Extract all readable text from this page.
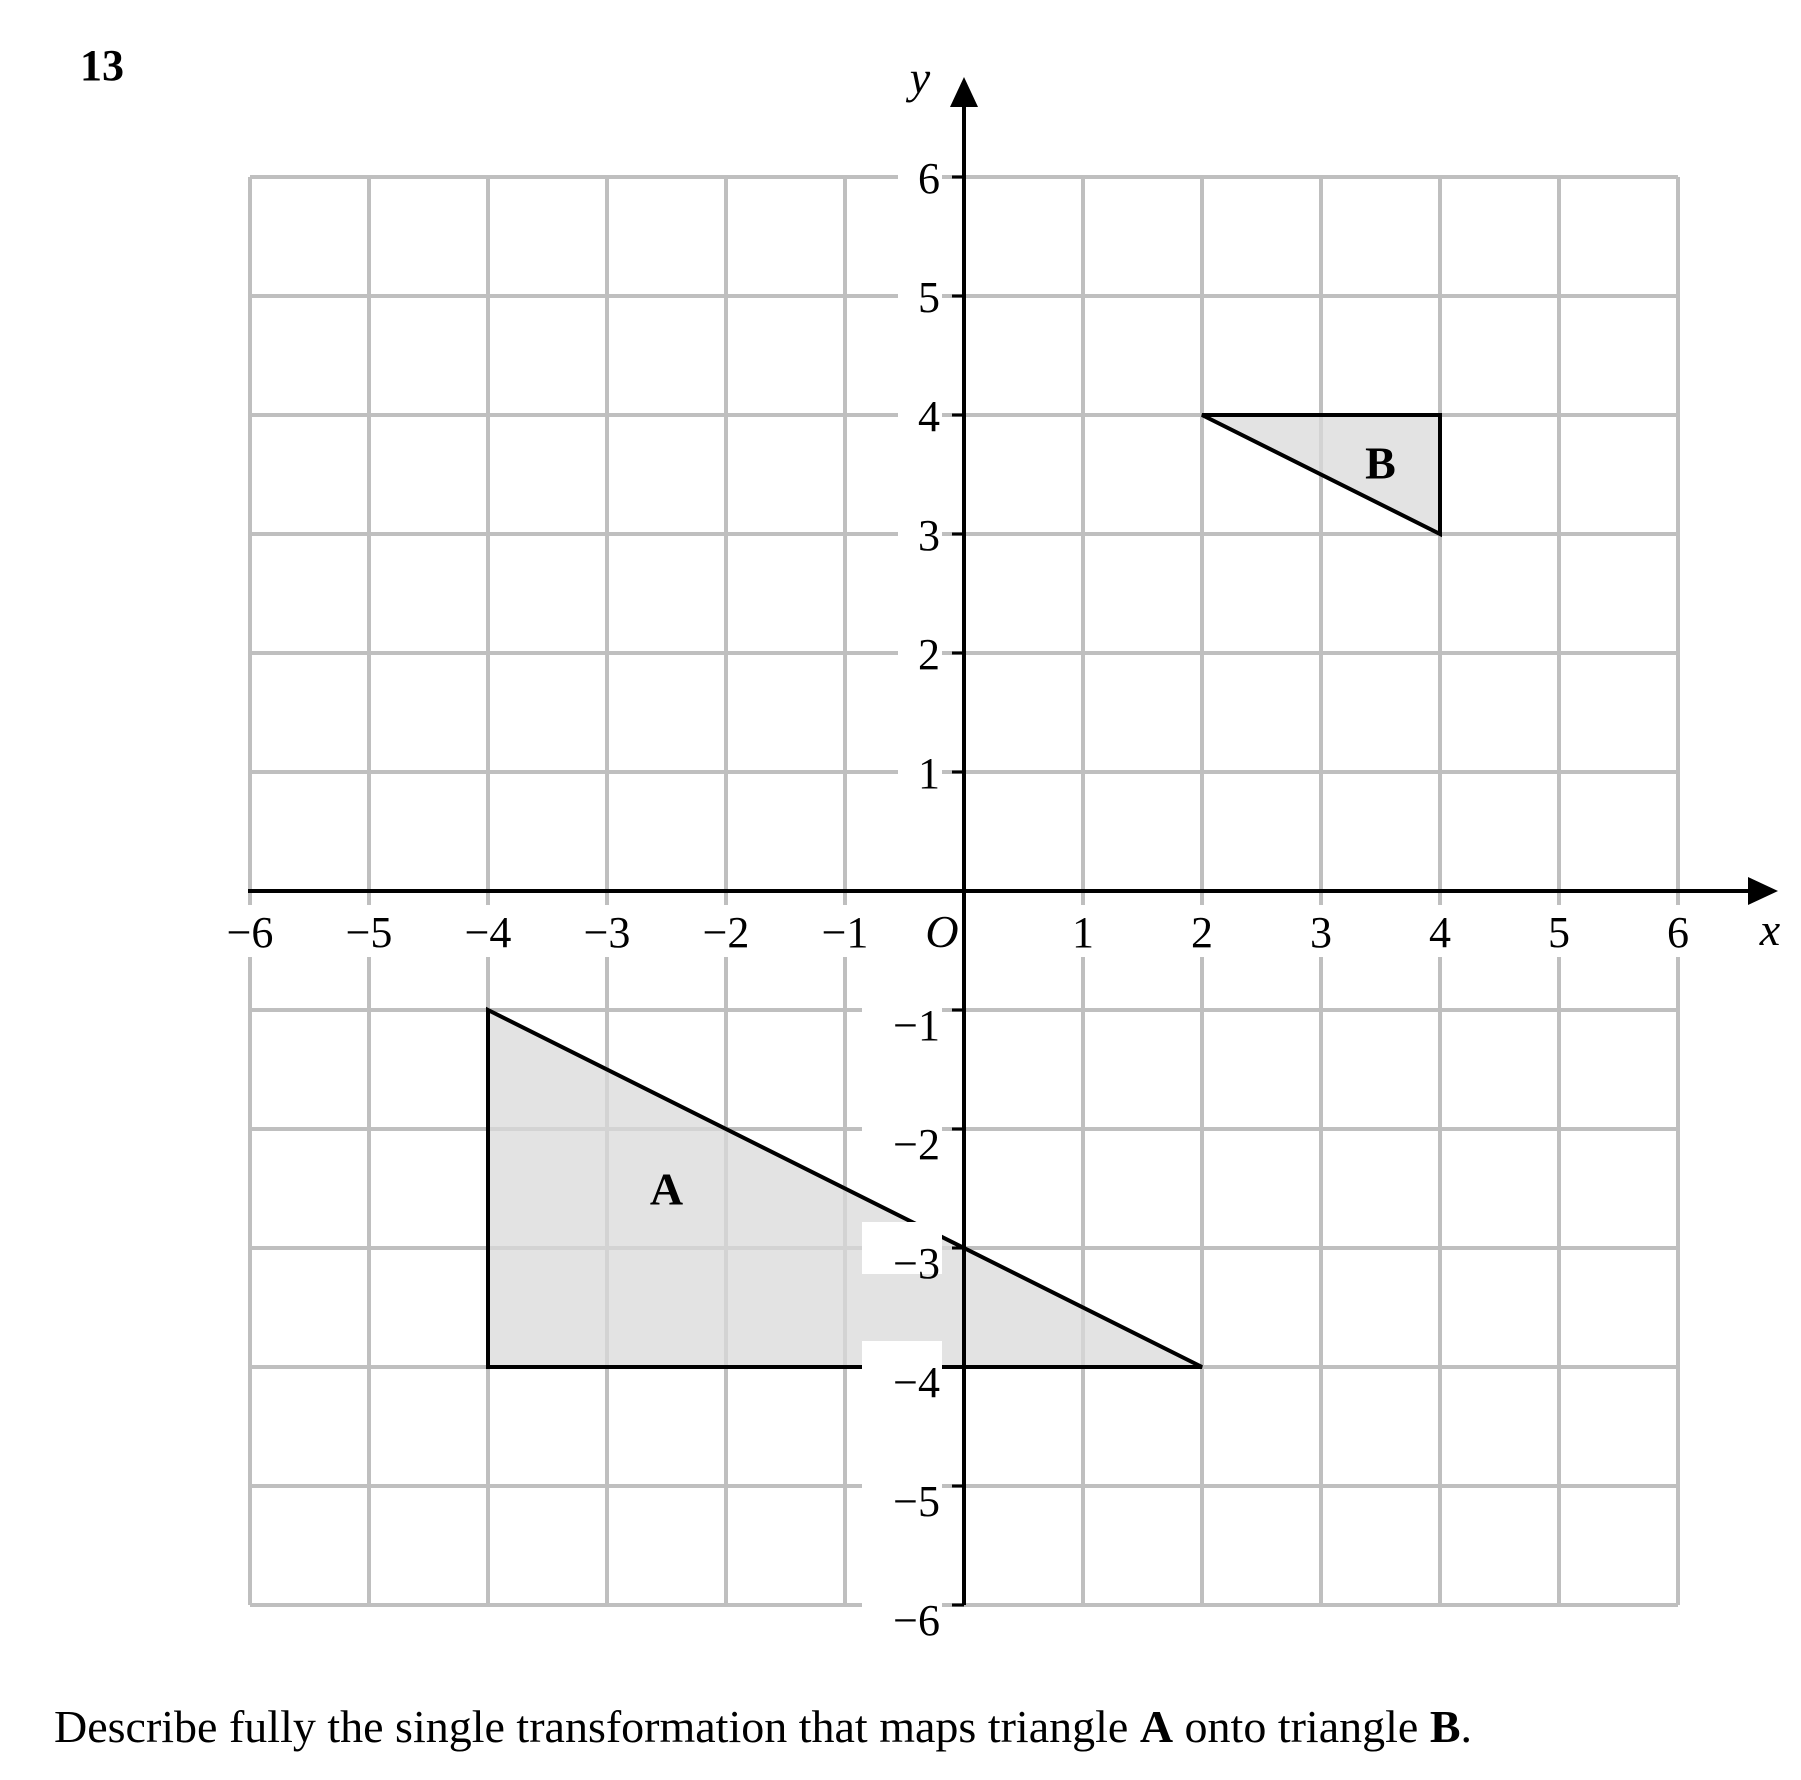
13
−6 −5 −4 −3 −2 −1	1 2 3 4 5 6
−6
−5
−4
−3
−2
−1
1
2
3
4
5
6
A
B
x
y
O
Describe fully the single transformation that maps triangle A onto triangle B.
